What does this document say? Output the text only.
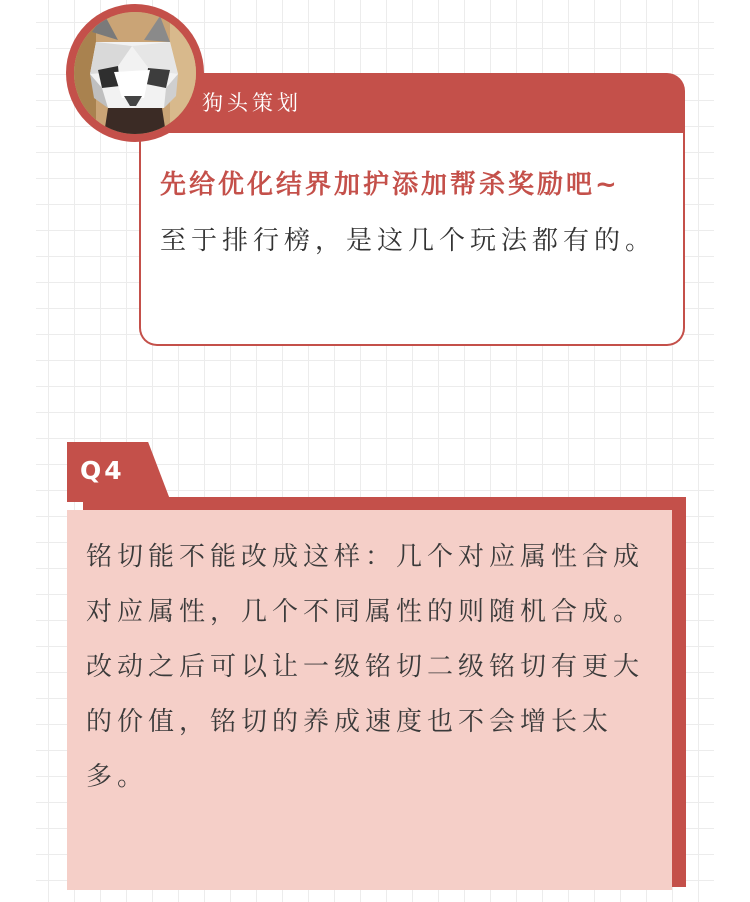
狗头策划
先给优化结界加护添加帮杀奖励吧~
至于排行榜，是这几个玩法都有的。
Q4

铭切能不能改成这样：几个对应属性合成对应属性，几个不同属性的则随机合成。

改动之后可以让一级铭切二级铭切有更大的价值，铭切的养成速度也不会增长太多。
